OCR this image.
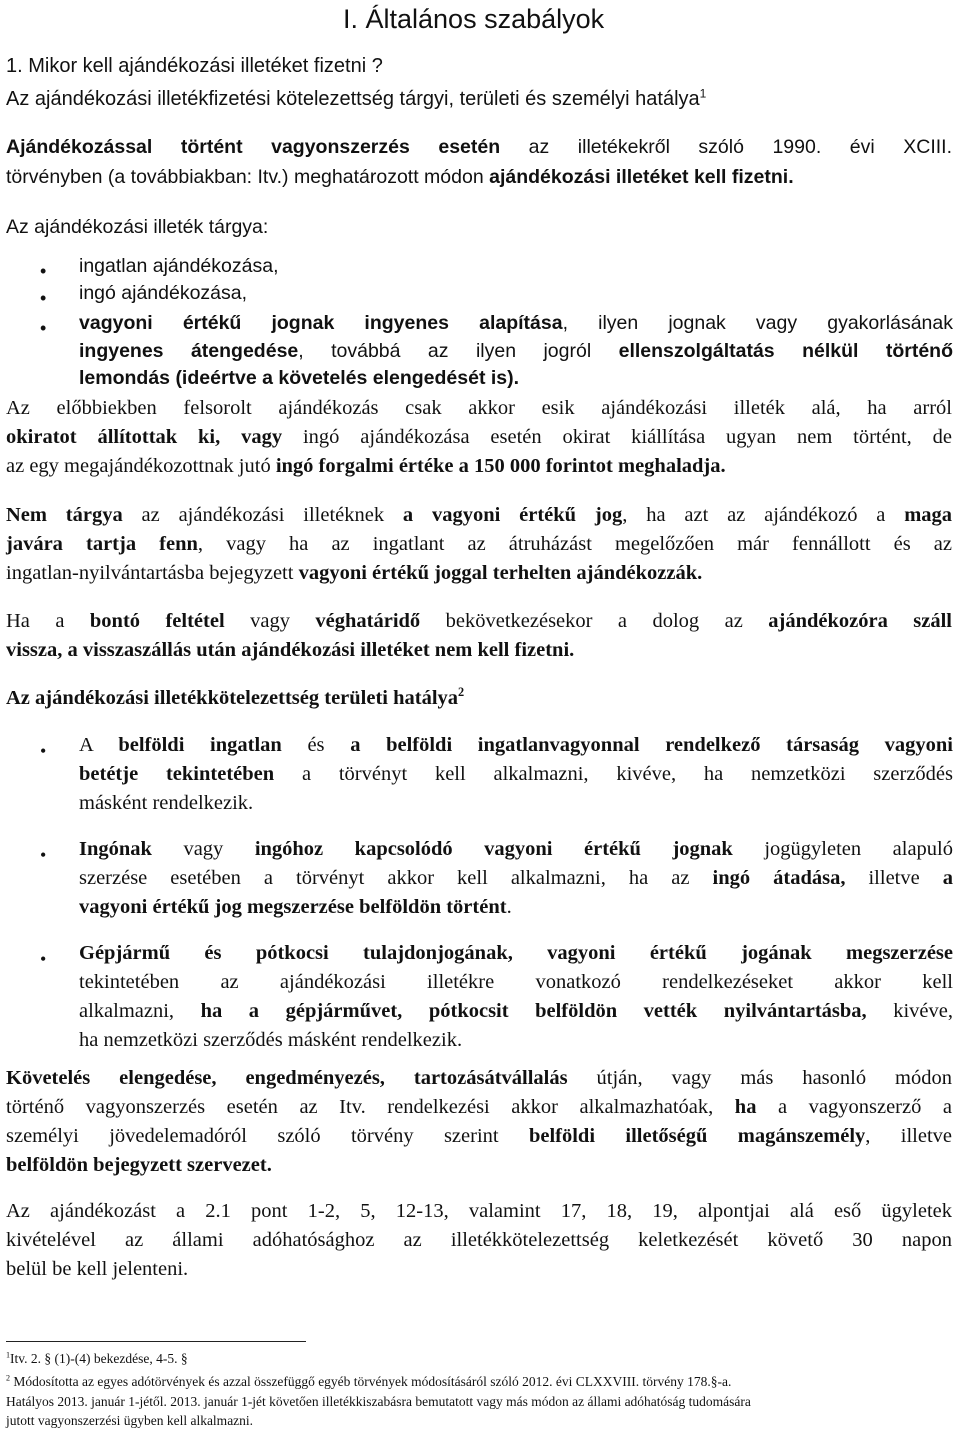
I. Általános szabályok
1. Mikor kell ajándékozási illetéket fizetni ?
Az ajándékozási illetékfizetési kötelezettség tárgyi, területi és személyi hatálya$^1$
Ajándékozással történt vagyonszerzés esetén az illetékekről szóló 1990. évi XCIII.
törvényben (a továbbiakban: Itv.) meghatározott módon ajándékozási illetéket kell fizetni.
Az ajándékozási illeték tárgya:
• ingatlan ajándékozása,
• ingó ajándékozása,
• vagyoni értékű jognak ingyenes alapítása, ilyen jognak vagy gyakorlásának
ingyenes átengedése, továbbá az ilyen jogról ellenszolgáltatás nélkül történő
lemondás (ideértve a követelés elengedését is).
Az előbbiekben felsorolt ajándékozás csak akkor esik ajándékozási illeték alá, ha arról
okiratot állítottak ki, vagy ingó ajándékozása esetén okirat kiállítása ugyan nem történt, de
az egy megajándékozottnak jutó ingó forgalmi értéke a 150 000 forintot meghaladja.
Nem tárgya az ajándékozási illetéknek a vagyoni értékű jog, ha azt az ajándékozó a maga
javára tartja fenn, vagy ha az ingatlant az átruházást megelőzően már fennállott és az
ingatlan-nyilvántartásba bejegyzett vagyoni értékű joggal terhelten ajándékozzák.
Ha a bontó feltétel vagy véghatáridő bekövetkezésekor a dolog az ajándékozóra száll
vissza, a visszaszállás után ajándékozási illetéket nem kell fizetni.
Az ajándékozási illetékkötelezettség területi hatálya$^2$
• A belföldi ingatlan és a belföldi ingatlanvagyonnal rendelkező társaság vagyoni
betétje tekintetében a törvényt kell alkalmazni, kivéve, ha nemzetközi szerződés
másként rendelkezik.
• Ingónak vagy ingóhoz kapcsolódó vagyoni értékű jognak jogügyleten alapuló
szerzése esetében a törvényt akkor kell alkalmazni, ha az ingó átadása, illetve a
vagyoni értékű jog megszerzése belföldön történt.
• Gépjármű és pótkocsi tulajdonjogának, vagyoni értékű jogának megszerzése
tekintetében az ajándékozási illetékre vonatkozó rendelkezéseket akkor kell
alkalmazni, ha a gépjárművet, pótkocsit belföldön vették nyilvántartásba, kivéve,
ha nemzetközi szerződés másként rendelkezik.
Követelés elengedése, engedményezés, tartozásátvállalás útján, vagy más hasonló módon
történő vagyonszerzés esetén az Itv. rendelkezési akkor alkalmazhatóak, ha a vagyonszerző a
személyi jövedelemadóról szóló törvény szerint belföldi illetőségű magánszemély, illetve
belföldön bejegyzett szervezet.
Az ajándékozást a 2.1 pont 1-2, 5, 12-13, valamint 17, 18, 19, alpontjai alá eső ügyletek
kivételével az állami adóhatósághoz az illetékkötelezettség keletkezését követő 30 napon
belül be kell jelenteni.
$^1$Itv. 2. § (1)-(4) bekezdése, 4-5. §
$^2$ Módosította az egyes adótörvények és azzal összefüggő egyéb törvények módosításáról szóló 2012. évi CLXXVIII. törvény 178.§-a.
Hatályos 2013. január 1-jétől. 2013. január 1-jét követően illetékkiszabásra bemutatott vagy más módon az állami adóhatóság tudomására
jutott vagyonszerzési ügyben kell alkalmazni.
